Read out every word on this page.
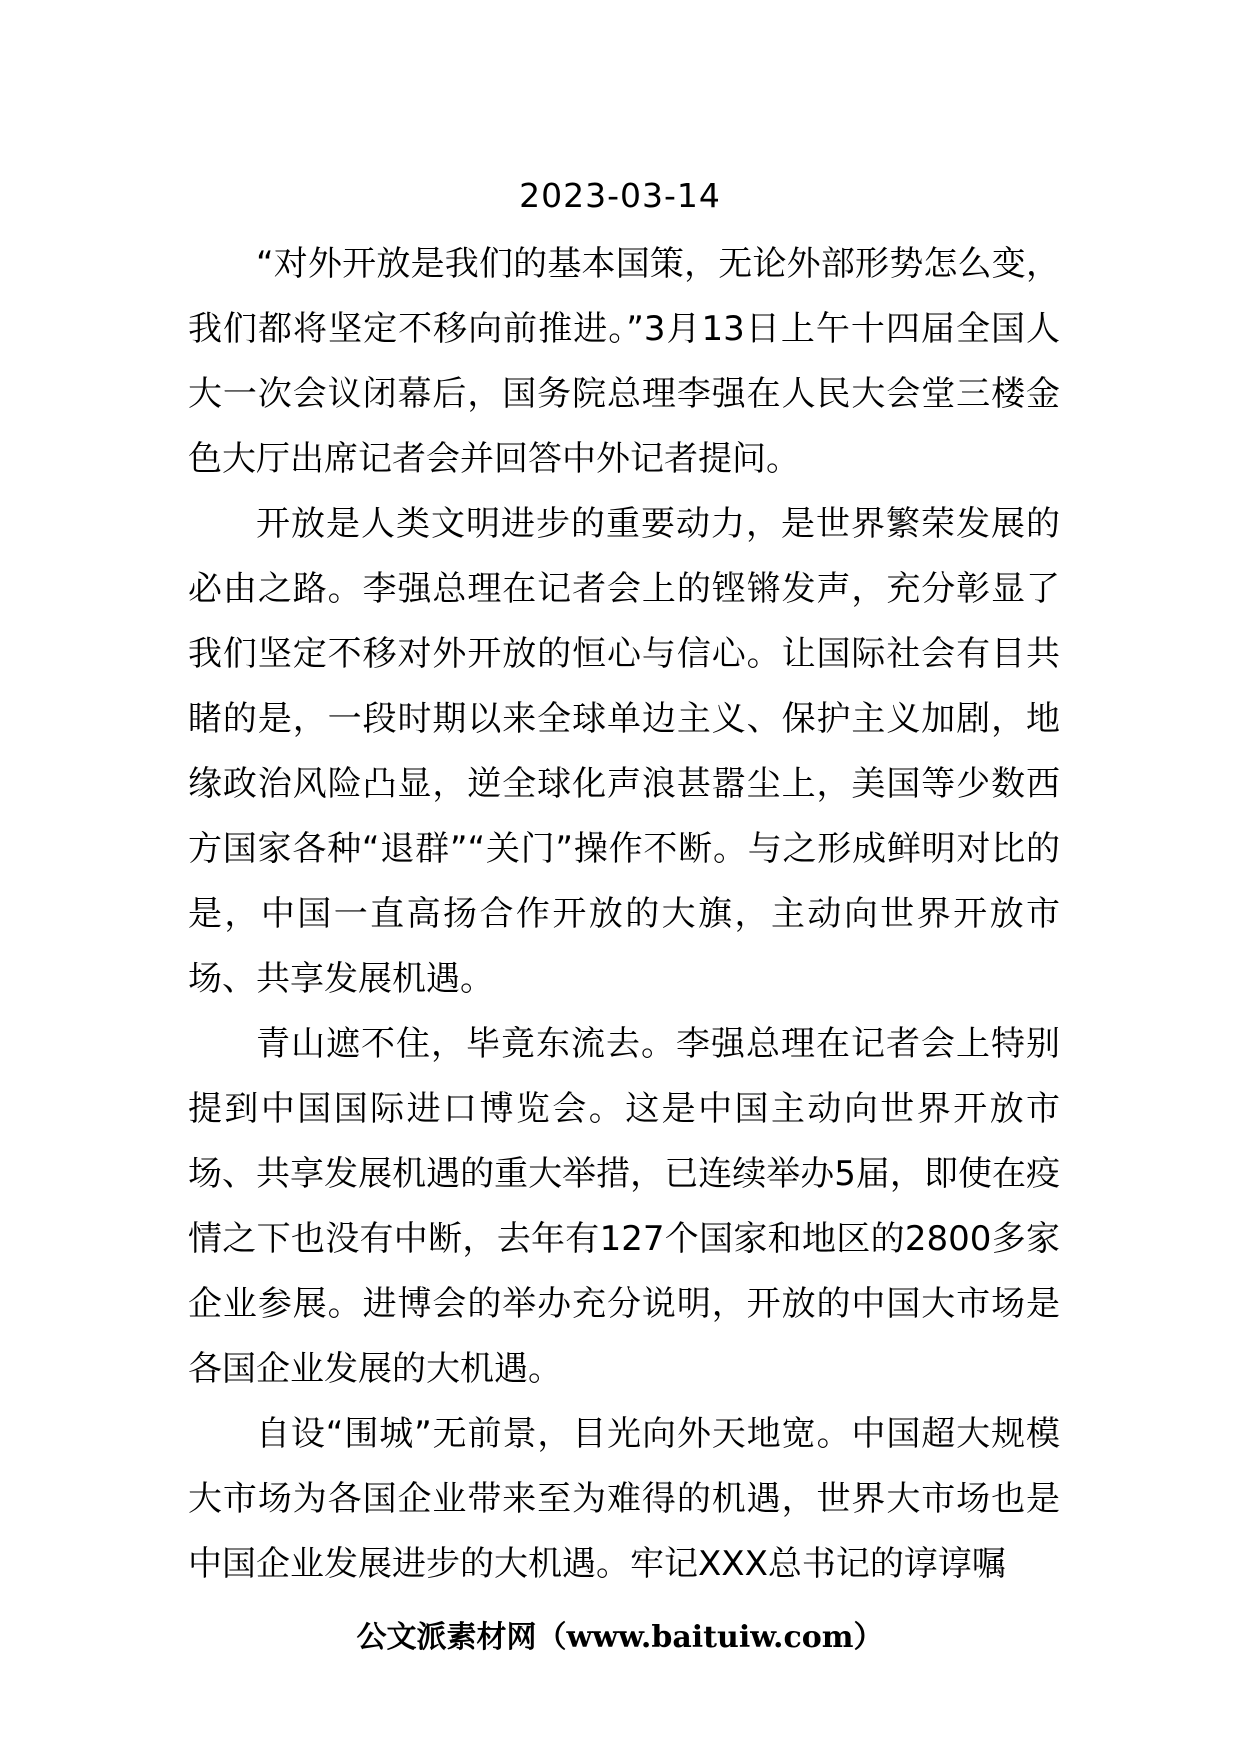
2023-03-14

“对外开放是我们的基本国策，无论外部形势怎么变，我们都将坚定不移向前推进。”3月13日上午十四届全国人大一次会议闭幕后，国务院总理李强在人民大会堂三楼金色大厅出席记者会并回答中外记者提问。

开放是人类文明进步的重要动力，是世界繁荣发展的必由之路。李强总理在记者会上的铿锵发声，充分彰显了我们坚定不移对外开放的恒心与信心。让国际社会有目共睹的是，一段时期以来全球单边主义、保护主义加剧，地缘政治风险凸显，逆全球化声浪甚嚣尘上，美国等少数西方国家各种“退群”“关门”操作不断。与之形成鲜明对比的是，中国一直高扬合作开放的大旗，主动向世界开放市场、共享发展机遇。

青山遮不住，毕竟东流去。李强总理在记者会上特别提到中国国际进口博览会。这是中国主动向世界开放市场、共享发展机遇的重大举措，已连续举办5届，即使在疫情之下也没有中断，去年有127个国家和地区的2800多家企业参展。进博会的举办充分说明，开放的中国大市场是各国企业发展的大机遇。

自设“围城”无前景，目光向外天地宽。中国超大规模大市场为各国企业带来至为难得的机遇，世界大市场也是中国企业发展进步的大机遇。牢记XXX总书记的谆谆嘱

公文派素材网（www.baituiw.com）
